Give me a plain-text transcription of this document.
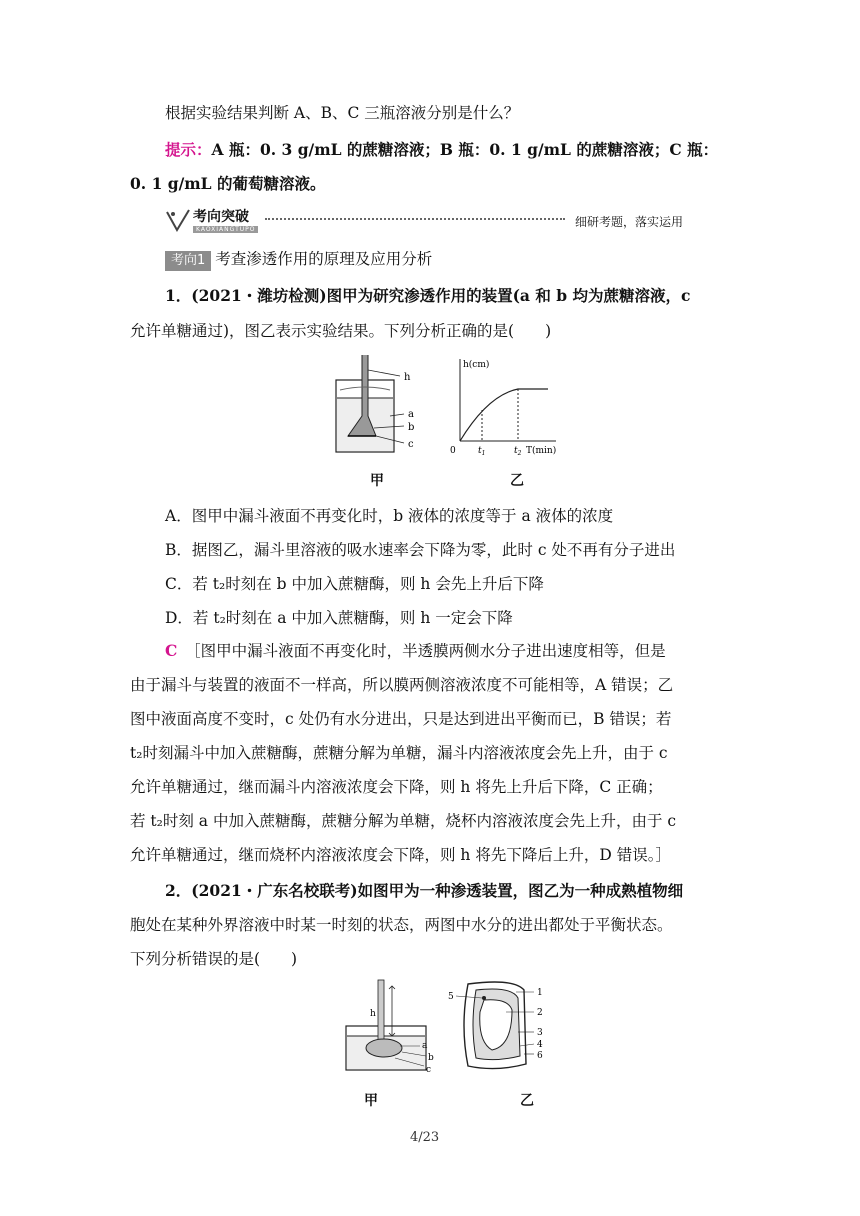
根据实验结果判断 A、B、C 三瓶溶液分别是什么？
提示：A 瓶：0. 3 g/mL 的蔗糖溶液；B 瓶：0. 1 g/mL 的蔗糖溶液；C 瓶：
0. 1 g/mL 的葡萄糖溶液。
考向突破
KAOXIANGTUPO
细研考题，落实运用
考向1 考查渗透作用的原理及应用分析
1．(2021・潍坊检测)图甲为研究渗透作用的装置(a 和 b 均为蔗糖溶液，c
允许单糖通过)，图乙表示实验结果。下列分析正确的是(　　)
h
a
b
c
甲
h(cm)
0 $t_1$	$t_2$ T(min)
乙
A．图甲中漏斗液面不再变化时，b 液体的浓度等于 a 液体的浓度
B．据图乙，漏斗里溶液的吸水速率会下降为零，此时 c 处不再有分子进出
C．若 t₂时刻在 b 中加入蔗糖酶，则 h 会先上升后下降
D．若 t₂时刻在 a 中加入蔗糖酶，则 h 一定会下降
C　 ［图甲中漏斗液面不再变化时，半透膜两侧水分子进出速度相等，但是
由于漏斗与装置的液面不一样高，所以膜两侧溶液浓度不可能相等，A 错误；乙
图中液面高度不变时，c 处仍有水分进出，只是达到进出平衡而已，B 错误；若
t₂时刻漏斗中加入蔗糖酶，蔗糖分解为单糖，漏斗内溶液浓度会先上升，由于 c
允许单糖通过，继而漏斗内溶液浓度会下降，则 h 将先上升后下降，C 正确；
若 t₂时刻 a 中加入蔗糖酶，蔗糖分解为单糖，烧杯内溶液浓度会先上升，由于 c
允许单糖通过，继而烧杯内溶液浓度会下降，则 h 将先下降后上升，D 错误。］
2．(2021・广东名校联考)如图甲为一种渗透装置，图乙为一种成熟植物细
胞处在某种外界溶液中时某一时刻的状态，两图中水分的进出都处于平衡状态。
下列分析错误的是(　　)
h
a
b
c
甲
1
2
3
4
5
6
乙
4/23
